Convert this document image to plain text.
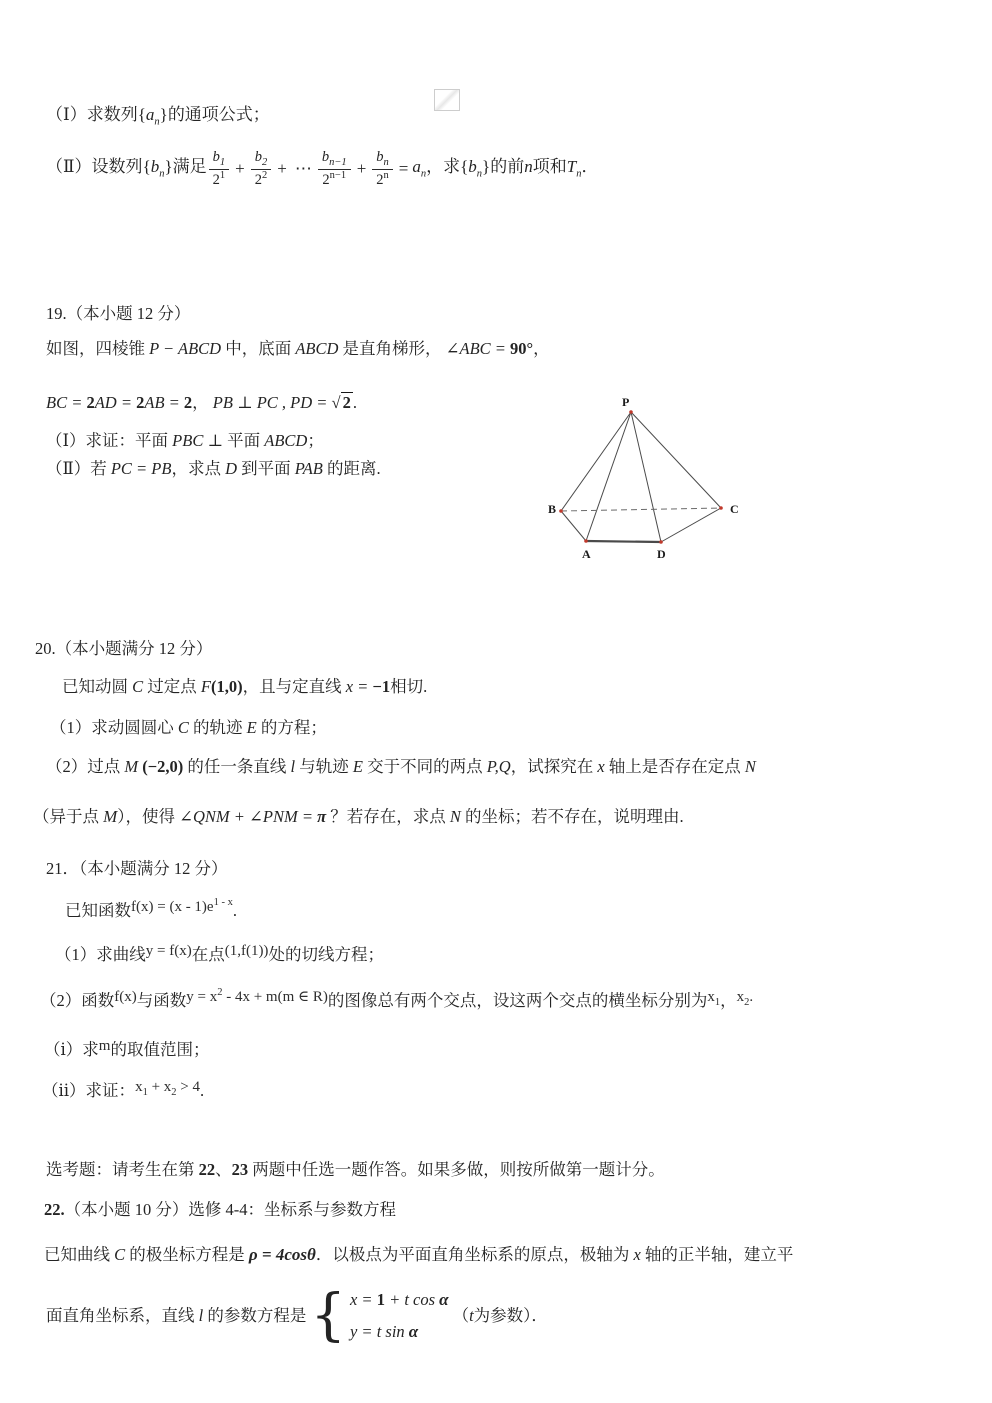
（Ⅰ）求数列$\{a_n\}$的通项公式；
（Ⅱ）设数列$\{b_n\}$满足 $\frac{b_1}{2^1} + \frac{b_2}{2^2}$ + ⋯ $\frac{b_{n-1}}{2^{n-1}} + \frac{b_n}{2^n} = a_n$，求$\{b_n\}$的前n项和$T_n$．
19.（本小题 12 分）
如图，四棱锥 P − ABCD 中，底面 ABCD 是直角梯形， ∠ABC = 90°，
BC = 2AD = 2AB = 2， PB ⊥ PC , PD = √ 2 .
（Ⅰ）求证：平面 PBC ⊥ 平面 ABCD；
（Ⅱ）若 PC = PB，求点 D 到平面 PAB 的距离.
P
B	C
A	D
20.（本小题满分 12 分）
已知动圆 C 过定点 F(1,0)，且与定直线 x = −1相切.
（1）求动圆圆心 C 的轨迹 E 的方程；
（2）过点 M (−2,0) 的任一条直线 l 与轨迹 E 交于不同的两点 P,Q，试探究在 x 轴上是否存在定点 N
（异于点 M），使得 ∠QNM + ∠PNM = π ？若存在，求点 N 的坐标；若不存在，说明理由.
21．（本小题满分 12 分）
已知函数$f(x) = (x - 1)e^{1 - x}$.
（1）求曲线y = f(x)在点(1,f(1))处的切线方程；
（2）函数f(x)与函数$y = x^2 - 4x + m(m$ ∈ R)的图像总有两个交点，设这两个交点的横坐标分别为$x_1$，$x_2$.
（ⅰ）求m的取值范围；
（ⅱ）求证：$x_1 + x_2 > 4$.
选考题：请考生在第 22、23 两题中任选一题作答。如果多做，则按所做第一题计分。
22.（本小题 10 分）选修 4-4：坐标系与参数方程
已知曲线 C 的极坐标方程是 ρ = 4cosθ．以极点为平面直角坐标系的原点，极轴为 x 轴的正半轴，建立平
面直角坐标系，直线 l 的参数方程是 { x = 1 + t cos α
y = t sin α
（t为参数）．
